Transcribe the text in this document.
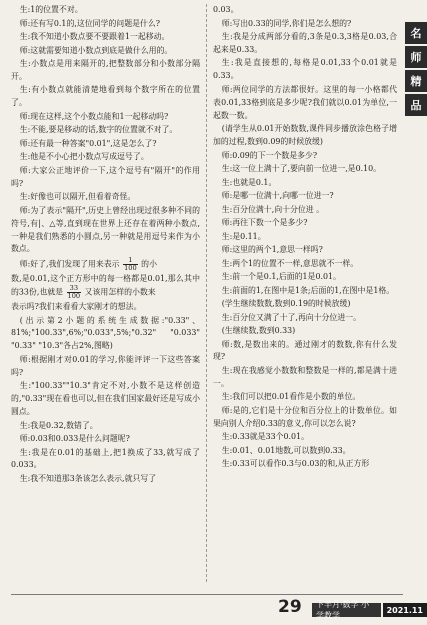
生:1的位置不对。

师:还有写0.1的,这位同学的问题是什么?

生:我不知道小数点要不要跟着1一起移动。

师:这就需要知道小数点到底是做什么用的。

生:小数点是用来隔开的,把整数部分和小数部分隔开。

生:有小数点就能清楚地看到每个数字所在的位置了。

师:现在这样,这个小数点能和1一起移动吗?

生:不能,要是移动的话,数字的位置就不对了。

师:还有最一种答案"0.01",这是怎么了?

生:他是不小心把小数点写成逗号了。

师:大家公正地评价一下,这个逗号有"隔开"的作用吗?

生:好像也可以隔开,但看着奇怪。

师:为了表示"隔开",历史上曾经出现过很多种不同的符号,有|、△等,直到现在世界上还存在着两种小数点,一种是我们熟悉的小圆点,另一种就是用逗号来作为小数点。

师:好了,我们发现了用来表示 $\frac{1}{100}$ 的小

数,是0.01,这个正方形中的每一格都是0.01,那么其中的33份,也就是 $\frac{33}{100}$ 又该用怎样的小数来

表示吗?我们来看看大家刚才的想法。

(出示第2小题的系统生成数据:"0.33"、81%;"100.33",6%;"0.033",5%;"0.32" "0.033" "0.33" "10.3"各占2%,图略)

师:根据刚才对0.01的学习,你能评评一下这些答案吗?

生:"100.33""10.3"肯定不对,小数不是这样创造的,"0.33"现在看也可以,但在我们国家最好还是写成小圆点。

生:我是0.32,数错了。

师:0.03和0.033是什么问题呢?

生:我是在0.01的基础上,把1换成了33,就写成了0.033。

生:我不知道那3条该怎么表示,就只写了

0.03。

师:写出0.33的同学,你们是怎么想的?

生:我是分成两部分看的,3条是0.3,3格是0.03,合起来是0.33。

生:我是直接想的,每格是0.01,33个0.01就是0.33。

师:两位同学的方法都很好。这里的每一小格都代表0.01,33格到底是多少呢?我们就以0.01为单位,一起数一数。

(请学生从0.01开始数数,课件同步播放涂色格子增加的过程,数到0.09的时候放缓)

师:0.09的下一个数是多少?

生:这一位上满十了,要向前一位进一,是0.10。

生:也就是0.1。

师:是哪一位满十,向哪一位进一?

生:百分位满十,向十分位进 。

师:再往下数一个是多少?

生:是0.11。

师:这里的两个1,意思一样吗?

生:两个1的位置不一样,意思就不一样。

生:前一个是0.1,后面的1是0.01。

生:前面的1,在图中是1条;后面的1,在图中是1格。

(学生继续数数,数到0.19的时候放缓)

生:百分位又满了十了,再向十分位进一。

(生继续数,数到0.33)

师:数,是数出来的。通过刚才的数数,你有什么发现?

生:现在我感觉小数数和整数是一样的,都是满十进一。

生:我们可以把0.01看作是小数的单位。

师:是的,它们是十分位和百分位上的计数单位。如果向别人介绍0.33的意义,你可以怎么说?

生:0.33就是33个0.01。

生:0.01、0.01地数,可以数到0.33。

生:0.33可以看作0.3与0.03的和,从正方形

名
师
精
品
29	下半月·数学 小学教学
2021.11
